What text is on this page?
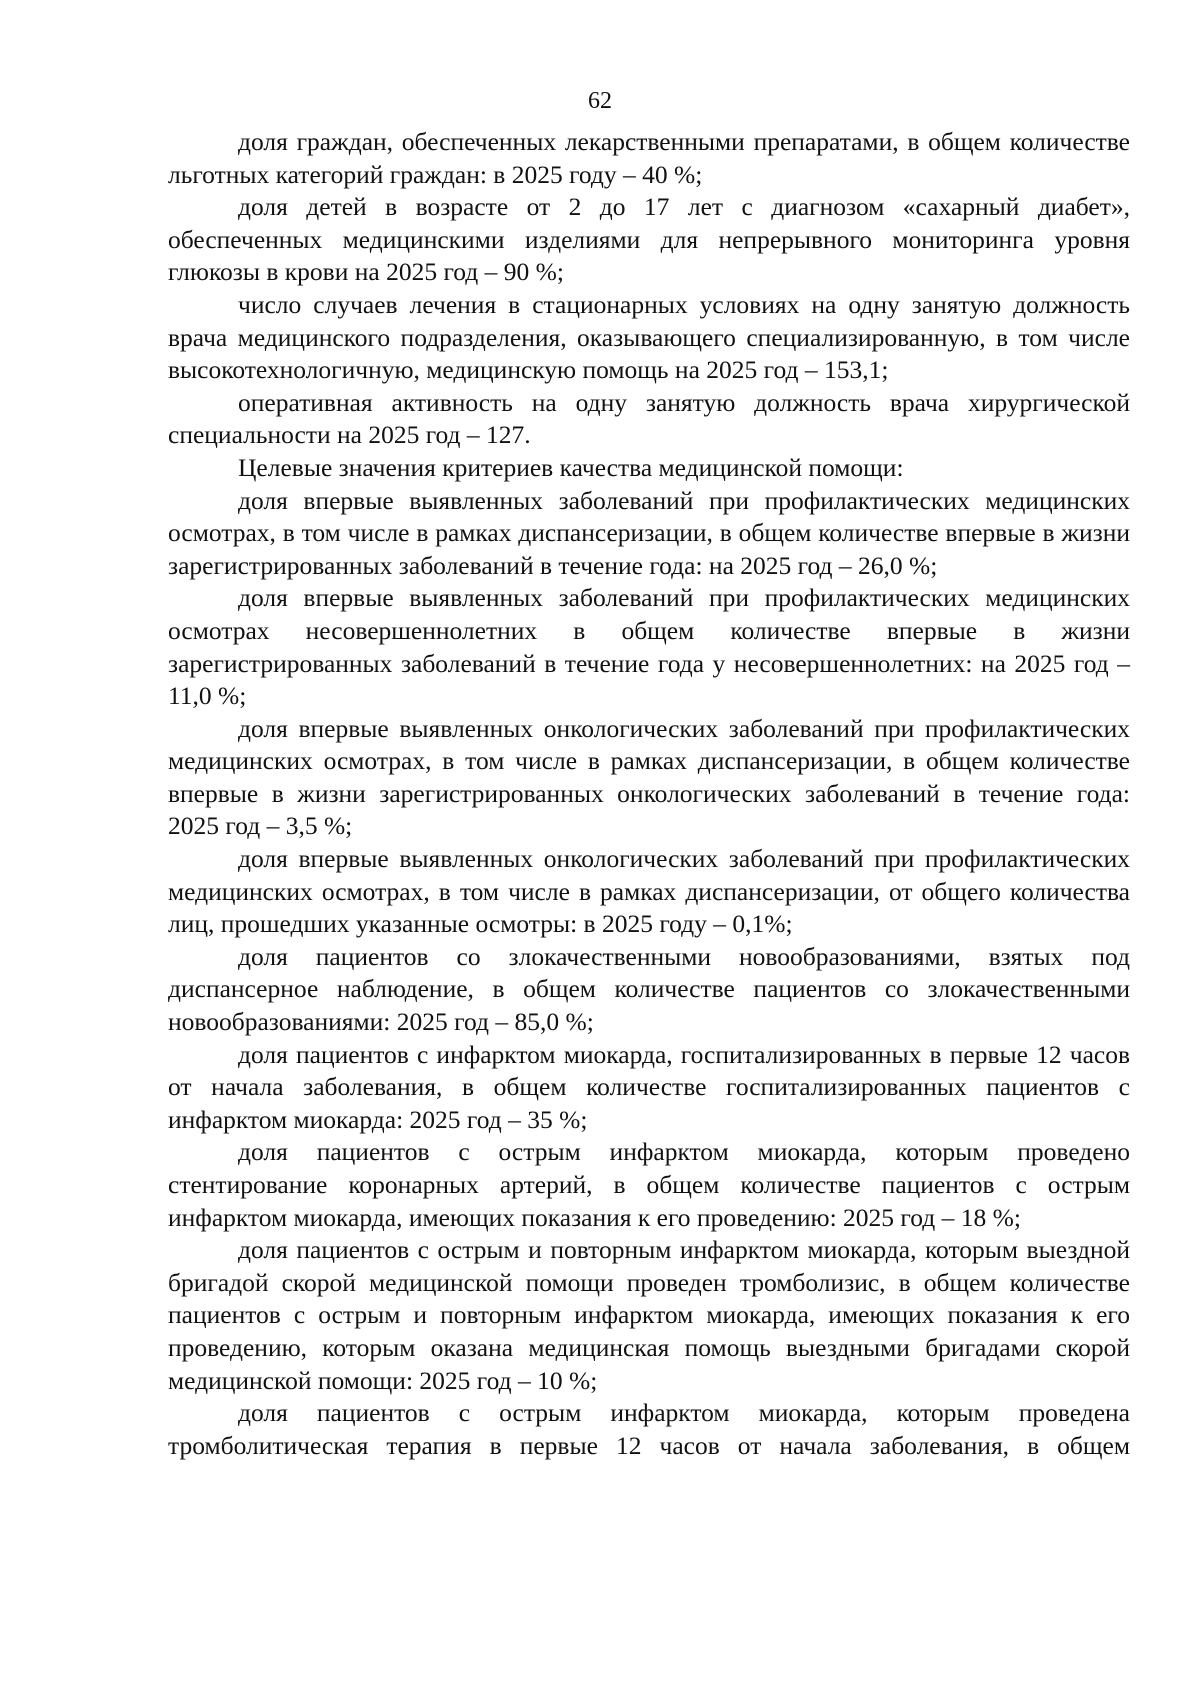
62

доля граждан, обеспеченных лекарственными препаратами, в общем количестве льготных категорий граждан: в 2025 году – 40 %;

доля детей в возрасте от 2 до 17 лет с диагнозом «сахарный диабет», обеспеченных медицинскими изделиями для непрерывного мониторинга уровня глюкозы в крови на 2025 год – 90 %;

число случаев лечения в стационарных условиях на одну занятую должность врача медицинского подразделения, оказывающего специализированную, в том числе высокотехнологичную, медицинскую помощь на 2025 год – 153,1;

оперативная активность на одну занятую должность врача хирургической специальности на 2025 год – 127.

Целевые значения критериев качества медицинской помощи:

доля впервые выявленных заболеваний при профилактических медицинских осмотрах, в том числе в рамках диспансеризации, в общем количестве впервые в жизни зарегистрированных заболеваний в течение года: на 2025 год – 26,0 %;

доля впервые выявленных заболеваний при профилактических медицинских осмотрах несовершеннолетних в общем количестве впервые в жизни зарегистрированных заболеваний в течение года у несовершеннолетних: на 2025 год – 11,0 %;

доля впервые выявленных онкологических заболеваний при профилактических медицинских осмотрах, в том числе в рамках диспансеризации, в общем количестве впервые в жизни зарегистрированных онкологических заболеваний в течение года: 2025 год – 3,5 %;

доля впервые выявленных онкологических заболеваний при профилактических медицинских осмотрах, в том числе в рамках диспансеризации, от общего количества лиц, прошедших указанные осмотры: в 2025 году – 0,1%;

доля пациентов со злокачественными новообразованиями, взятых под диспансерное наблюдение, в общем количестве пациентов со злокачественными новообразованиями: 2025 год – 85,0 %;

доля пациентов с инфарктом миокарда, госпитализированных в первые 12 часов от начала заболевания, в общем количестве госпитализированных пациентов с инфарктом миокарда: 2025 год – 35 %;

доля пациентов с острым инфарктом миокарда, которым проведено стентирование коронарных артерий, в общем количестве пациентов с острым инфарктом миокарда, имеющих показания к его проведению: 2025 год – 18 %;

доля пациентов с острым и повторным инфарктом миокарда, которым выездной бригадой скорой медицинской помощи проведен тромболизис, в общем количестве пациентов с острым и повторным инфарктом миокарда, имеющих показания к его проведению, которым оказана медицинская помощь выездными бригадами скорой медицинской помощи: 2025 год – 10 %;

доля пациентов с острым инфарктом миокарда, которым проведена тромболитическая терапия в первые 12 часов от начала заболевания, в общем
